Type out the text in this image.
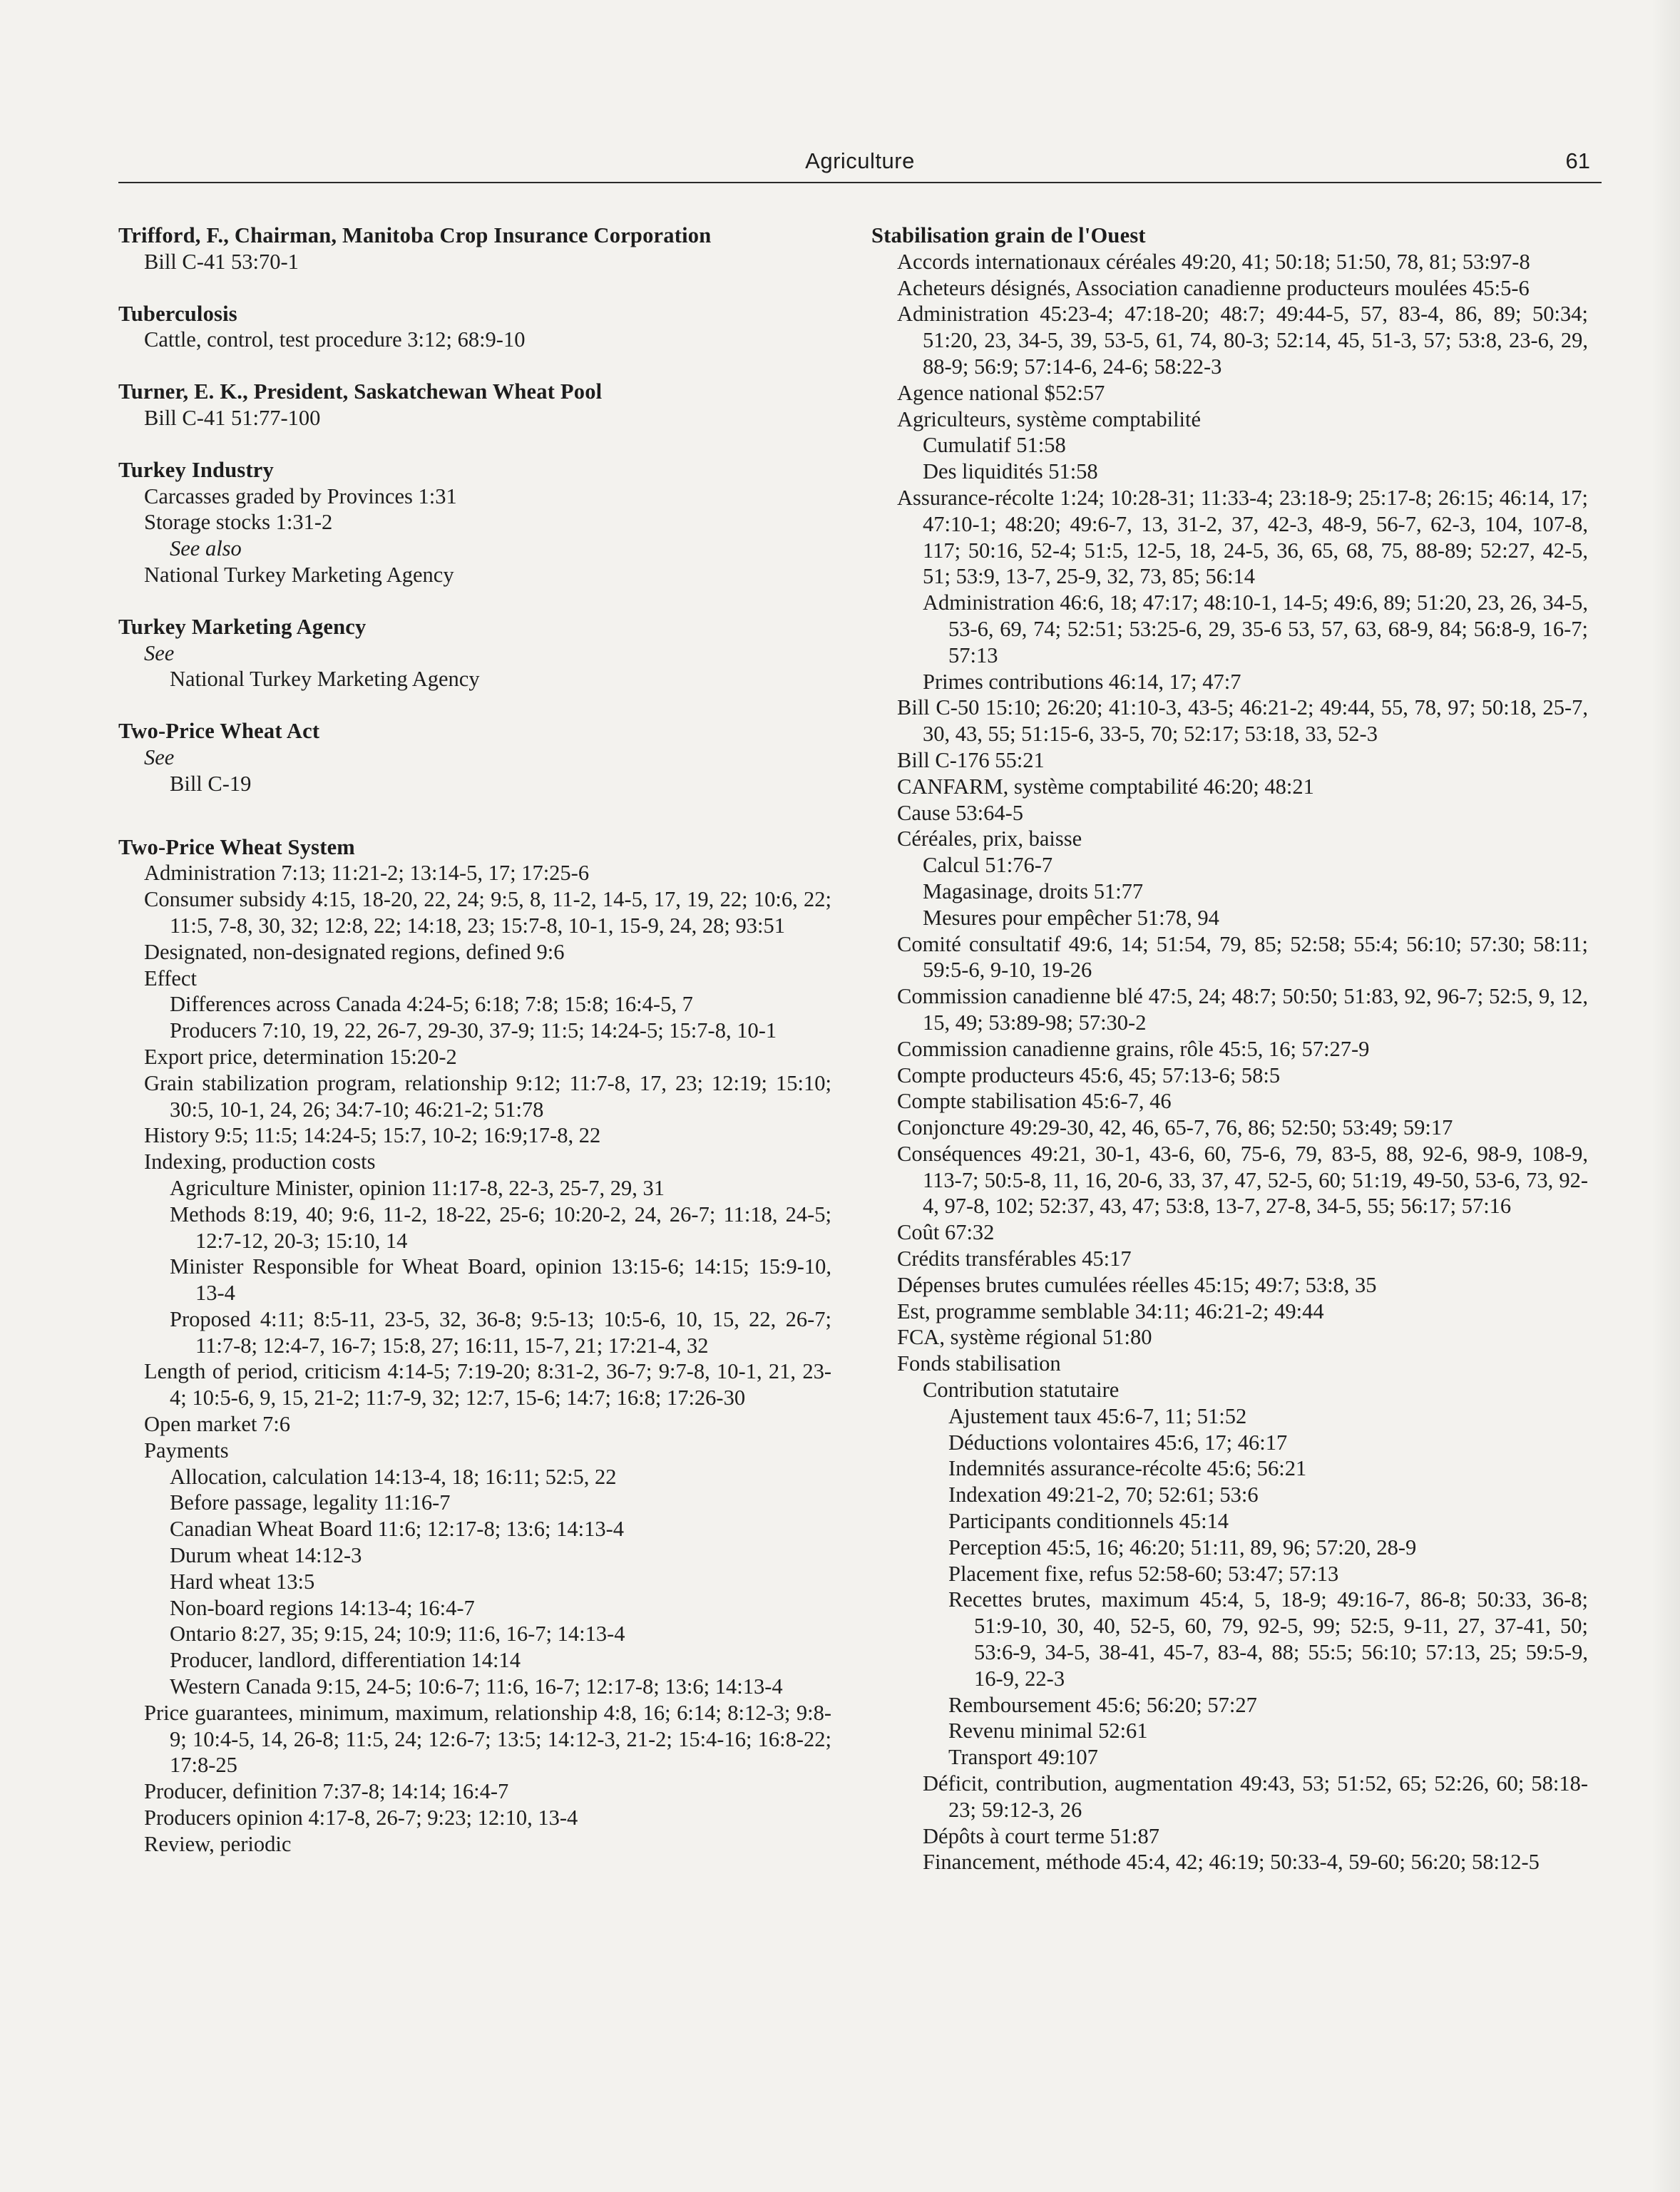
Agriculture	61
Trifford, F., Chairman, Manitoba Crop Insurance Corporation
Bill C-41 53:70-1
Tuberculosis
Cattle, control, test procedure 3:12; 68:9-10
Turner, E. K., President, Saskatchewan Wheat Pool
Bill C-41 51:77-100
Turkey Industry
Carcasses graded by Provinces 1:31
Storage stocks 1:31-2
See also
National Turkey Marketing Agency
Turkey Marketing Agency
See
National Turkey Marketing Agency
Two-Price Wheat Act
See
Bill C-19
Two-Price Wheat System
Administration 7:13; 11:21-2; 13:14-5, 17; 17:25-6
Consumer subsidy 4:15, 18-20, 22, 24; 9:5, 8, 11-2, 14-5, 17, 19, 22; 10:6, 22; 11:5, 7-8, 30, 32; 12:8, 22; 14:18, 23; 15:7-8, 10-1, 15-9, 24, 28; 93:51
Designated, non-designated regions, defined 9:6
Effect
Differences across Canada 4:24-5; 6:18; 7:8; 15:8; 16:4-5, 7
Producers 7:10, 19, 22, 26-7, 29-30, 37-9; 11:5; 14:24-5; 15:7-8, 10-1
Export price, determination 15:20-2
Grain stabilization program, relationship 9:12; 11:7-8, 17, 23; 12:19; 15:10; 30:5, 10-1, 24, 26; 34:7-10; 46:21-2; 51:78
History 9:5; 11:5; 14:24-5; 15:7, 10-2; 16:9;17-8, 22
Indexing, production costs
Agriculture Minister, opinion 11:17-8, 22-3, 25-7, 29, 31
Methods 8:19, 40; 9:6, 11-2, 18-22, 25-6; 10:20-2, 24, 26-7; 11:18, 24-5; 12:7-12, 20-3; 15:10, 14
Minister Responsible for Wheat Board, opinion 13:15-6; 14:15; 15:9-10, 13-4
Proposed 4:11; 8:5-11, 23-5, 32, 36-8; 9:5-13; 10:5-6, 10, 15, 22, 26-7; 11:7-8; 12:4-7, 16-7; 15:8, 27; 16:11, 15-7, 21; 17:21-4, 32
Length of period, criticism 4:14-5; 7:19-20; 8:31-2, 36-7; 9:7-8, 10-1, 21, 23-4; 10:5-6, 9, 15, 21-2; 11:7-9, 32; 12:7, 15-6; 14:7; 16:8; 17:26-30
Open market 7:6
Payments
Allocation, calculation 14:13-4, 18; 16:11; 52:5, 22
Before passage, legality 11:16-7
Canadian Wheat Board 11:6; 12:17-8; 13:6; 14:13-4
Durum wheat 14:12-3
Hard wheat 13:5
Non-board regions 14:13-4; 16:4-7
Ontario 8:27, 35; 9:15, 24; 10:9; 11:6, 16-7; 14:13-4
Producer, landlord, differentiation 14:14
Western Canada 9:15, 24-5; 10:6-7; 11:6, 16-7; 12:17-8; 13:6; 14:13-4
Price guarantees, minimum, maximum, relationship 4:8, 16; 6:14; 8:12-3; 9:8-9; 10:4-5, 14, 26-8; 11:5, 24; 12:6-7; 13:5; 14:12-3, 21-2; 15:4-16; 16:8-22; 17:8-25
Producer, definition 7:37-8; 14:14; 16:4-7
Producers opinion 4:17-8, 26-7; 9:23; 12:10, 13-4
Review, periodic
Stabilisation grain de l'Ouest
Accords internationaux céréales 49:20, 41; 50:18; 51:50, 78, 81; 53:97-8
Acheteurs désignés, Association canadienne producteurs moulées 45:5-6
Administration 45:23-4; 47:18-20; 48:7; 49:44-5, 57, 83-4, 86, 89; 50:34; 51:20, 23, 34-5, 39, 53-5, 61, 74, 80-3; 52:14, 45, 51-3, 57; 53:8, 23-6, 29, 88-9; 56:9; 57:14-6, 24-6; 58:22-3
Agence national $52:57
Agriculteurs, système comptabilité
Cumulatif 51:58
Des liquidités 51:58
Assurance-récolte 1:24; 10:28-31; 11:33-4; 23:18-9; 25:17-8; 26:15; 46:14, 17; 47:10-1; 48:20; 49:6-7, 13, 31-2, 37, 42-3, 48-9, 56-7, 62-3, 104, 107-8, 117; 50:16, 52-4; 51:5, 12-5, 18, 24-5, 36, 65, 68, 75, 88-89; 52:27, 42-5, 51; 53:9, 13-7, 25-9, 32, 73, 85; 56:14
Administration 46:6, 18; 47:17; 48:10-1, 14-5; 49:6, 89; 51:20, 23, 26, 34-5, 53-6, 69, 74; 52:51; 53:25-6, 29, 35-6 53, 57, 63, 68-9, 84; 56:8-9, 16-7; 57:13
Primes contributions 46:14, 17; 47:7
Bill C-50 15:10; 26:20; 41:10-3, 43-5; 46:21-2; 49:44, 55, 78, 97; 50:18, 25-7, 30, 43, 55; 51:15-6, 33-5, 70; 52:17; 53:18, 33, 52-3
Bill C-176 55:21
CANFARM, système comptabilité 46:20; 48:21
Cause 53:64-5
Céréales, prix, baisse
Calcul 51:76-7
Magasinage, droits 51:77
Mesures pour empêcher 51:78, 94
Comité consultatif 49:6, 14; 51:54, 79, 85; 52:58; 55:4; 56:10; 57:30; 58:11; 59:5-6, 9-10, 19-26
Commission canadienne blé 47:5, 24; 48:7; 50:50; 51:83, 92, 96-7; 52:5, 9, 12, 15, 49; 53:89-98; 57:30-2
Commission canadienne grains, rôle 45:5, 16; 57:27-9
Compte producteurs 45:6, 45; 57:13-6; 58:5
Compte stabilisation 45:6-7, 46
Conjoncture 49:29-30, 42, 46, 65-7, 76, 86; 52:50; 53:49; 59:17
Conséquences 49:21, 30-1, 43-6, 60, 75-6, 79, 83-5, 88, 92-6, 98-9, 108-9, 113-7; 50:5-8, 11, 16, 20-6, 33, 37, 47, 52-5, 60; 51:19, 49-50, 53-6, 73, 92-4, 97-8, 102; 52:37, 43, 47; 53:8, 13-7, 27-8, 34-5, 55; 56:17; 57:16
Coût 67:32
Crédits transférables 45:17
Dépenses brutes cumulées réelles 45:15; 49:7; 53:8, 35
Est, programme semblable 34:11; 46:21-2; 49:44
FCA, système régional 51:80
Fonds stabilisation
Contribution statutaire
Ajustement taux 45:6-7, 11; 51:52
Déductions volontaires 45:6, 17; 46:17
Indemnités assurance-récolte 45:6; 56:21
Indexation 49:21-2, 70; 52:61; 53:6
Participants conditionnels 45:14
Perception 45:5, 16; 46:20; 51:11, 89, 96; 57:20, 28-9
Placement fixe, refus 52:58-60; 53:47; 57:13
Recettes brutes, maximum 45:4, 5, 18-9; 49:16-7, 86-8; 50:33, 36-8; 51:9-10, 30, 40, 52-5, 60, 79, 92-5, 99; 52:5, 9-11, 27, 37-41, 50; 53:6-9, 34-5, 38-41, 45-7, 83-4, 88; 55:5; 56:10; 57:13, 25; 59:5-9, 16-9, 22-3
Remboursement 45:6; 56:20; 57:27
Revenu minimal 52:61
Transport 49:107
Déficit, contribution, augmentation 49:43, 53; 51:52, 65; 52:26, 60; 58:18-23; 59:12-3, 26
Dépôts à court terme 51:87
Financement, méthode 45:4, 42; 46:19; 50:33-4, 59-60; 56:20; 58:12-5
